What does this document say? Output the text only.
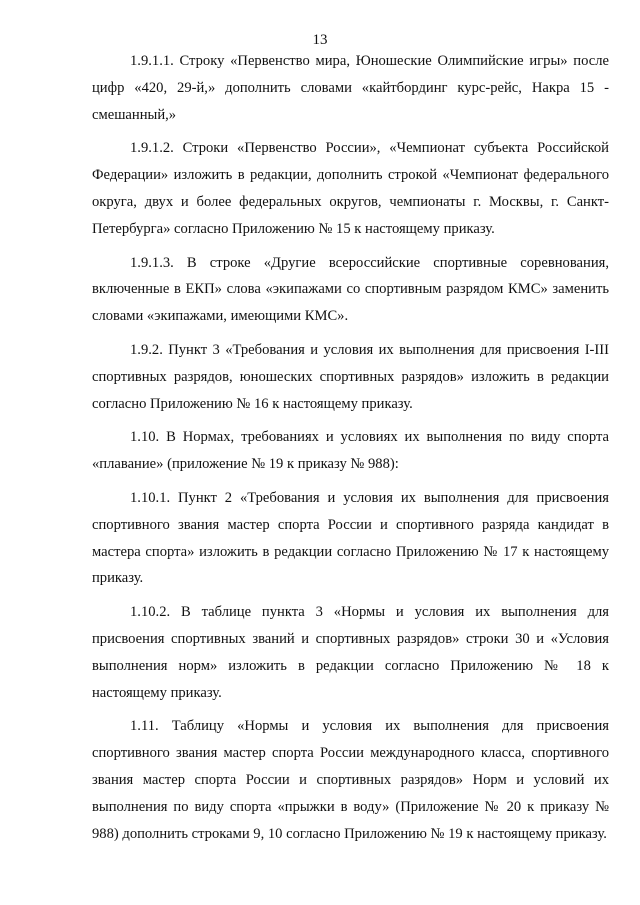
13

1.9.1.1. Строку «Первенство мира, Юношеские Олимпийские игры» после цифр «420, 29-й,» дополнить словами «кайтбординг курс-рейс, Накра 15 - смешанный,»

1.9.1.2. Строки «Первенство России», «Чемпионат субъекта Российской Федерации» изложить в редакции, дополнить строкой «Чемпионат федерального округа, двух и более федеральных округов, чемпионаты г. Москвы, г. Санкт-Петербурга» согласно Приложению № 15 к настоящему приказу.

1.9.1.3. В строке «Другие всероссийские спортивные соревнования, включенные в ЕКП» слова «экипажами со спортивным разрядом КМС» заменить словами «экипажами, имеющими КМС».

1.9.2. Пункт 3 «Требования и условия их выполнения для присвоения I-III спортивных разрядов, юношеских спортивных разрядов» изложить в редакции согласно Приложению № 16 к настоящему приказу.

1.10. В Нормах, требованиях и условиях их выполнения по виду спорта «плавание» (приложение № 19 к приказу № 988):

1.10.1. Пункт 2 «Требования и условия их выполнения для присвоения спортивного звания мастер спорта России и спортивного разряда кандидат в мастера спорта» изложить в редакции согласно Приложению № 17 к настоящему приказу.

1.10.2. В таблице пункта 3 «Нормы и условия их выполнения для присвоения спортивных званий и спортивных разрядов» строки 30 и «Условия выполнения норм» изложить в редакции согласно Приложению № 18 к настоящему приказу.

1.11. Таблицу «Нормы и условия их выполнения для присвоения спортивного звания мастер спорта России международного класса, спортивного звания мастер спорта России и спортивных разрядов» Норм и условий их выполнения по виду спорта «прыжки в воду» (Приложение № 20 к приказу № 988) дополнить строками 9, 10 согласно Приложению № 19 к настоящему приказу.
